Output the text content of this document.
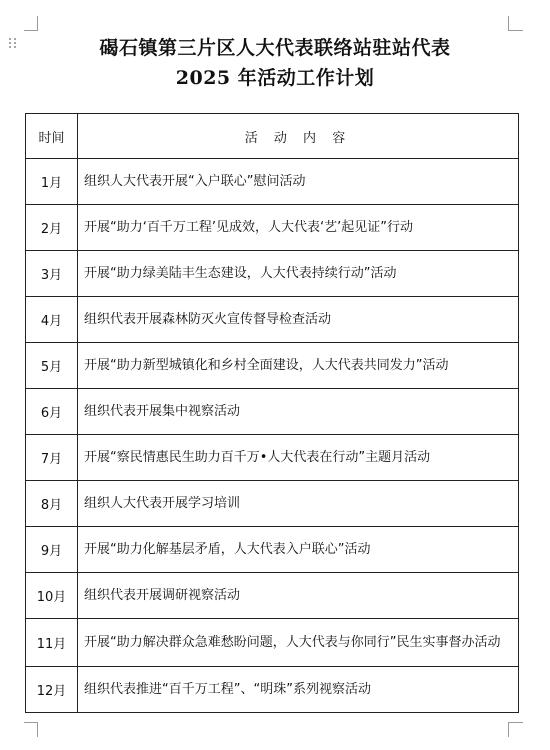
碣石镇第三片区人大代表联络站驻站代表
2025 年活动工作计划
时间	活 动 内 容
1月	组织人大代表开展“入户联心”慰问活动
2月	开展“助力‘百千万工程’见成效，人大代表‘艺’起见证”行动
3月	开展“助力绿美陆丰生态建设，人大代表持续行动”活动
4月	组织代表开展森林防灭火宣传督导检查活动
5月	开展“助力新型城镇化和乡村全面建设，人大代表共同发力”活动
6月	组织代表开展集中视察活动
7月	开展“察民情惠民生助力百千万•人大代表在行动”主题月活动
8月	组织人大代表开展学习培训
9月	开展“助力化解基层矛盾，人大代表入户联心”活动
10月	组织代表开展调研视察活动
11月	开展“助力解决群众急难愁盼问题，人大代表与你同行”民生实事督办活动
12月	组织代表推进“百千万工程”、“明珠”系列视察活动
